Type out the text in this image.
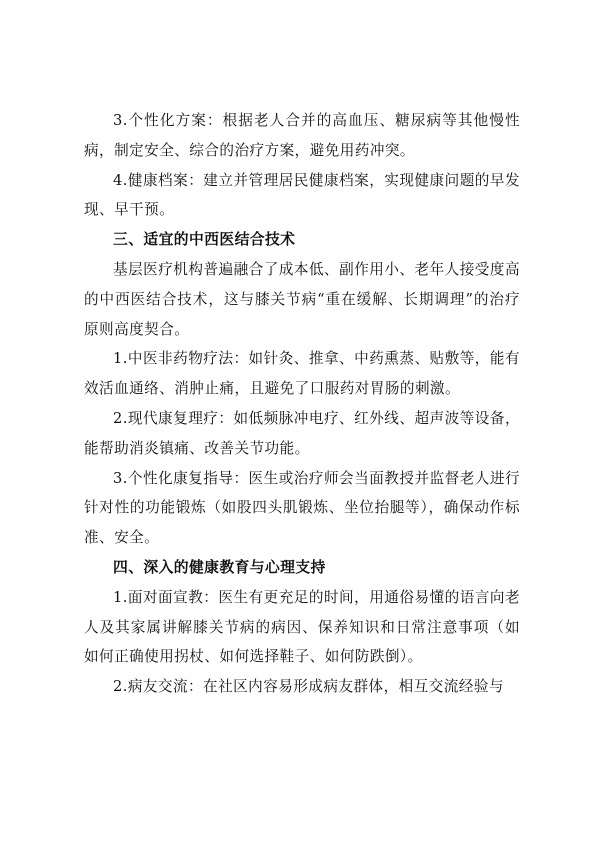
3.个性化方案：根据老人合并的高血压、糖尿病等其他慢性病，制定安全、综合的治疗方案，避免用药冲突。

4.健康档案：建立并管理居民健康档案，实现健康问题的早发现、早干预。

三、适宜的中西医结合技术

基层医疗机构普遍融合了成本低、副作用小、老年人接受度高的中西医结合技术，这与膝关节病“重在缓解、长期调理”的治疗原则高度契合。

1.中医非药物疗法：如针灸、推拿、中药熏蒸、贴敷等，能有效活血通络、消肿止痛，且避免了口服药对胃肠的刺激。

2.现代康复理疗：如低频脉冲电疗、红外线、超声波等设备，能帮助消炎镇痛、改善关节功能。

3.个性化康复指导：医生或治疗师会当面教授并监督老人进行针对性的功能锻炼（如股四头肌锻炼、坐位抬腿等），确保动作标准、安全。

四、深入的健康教育与心理支持

1.面对面宣教：医生有更充足的时间，用通俗易懂的语言向老人及其家属讲解膝关节病的病因、保养知识和日常注意事项（如如何正确使用拐杖、如何选择鞋子、如何防跌倒）。

2.病友交流：在社区内容易形成病友群体，相互交流经验与
